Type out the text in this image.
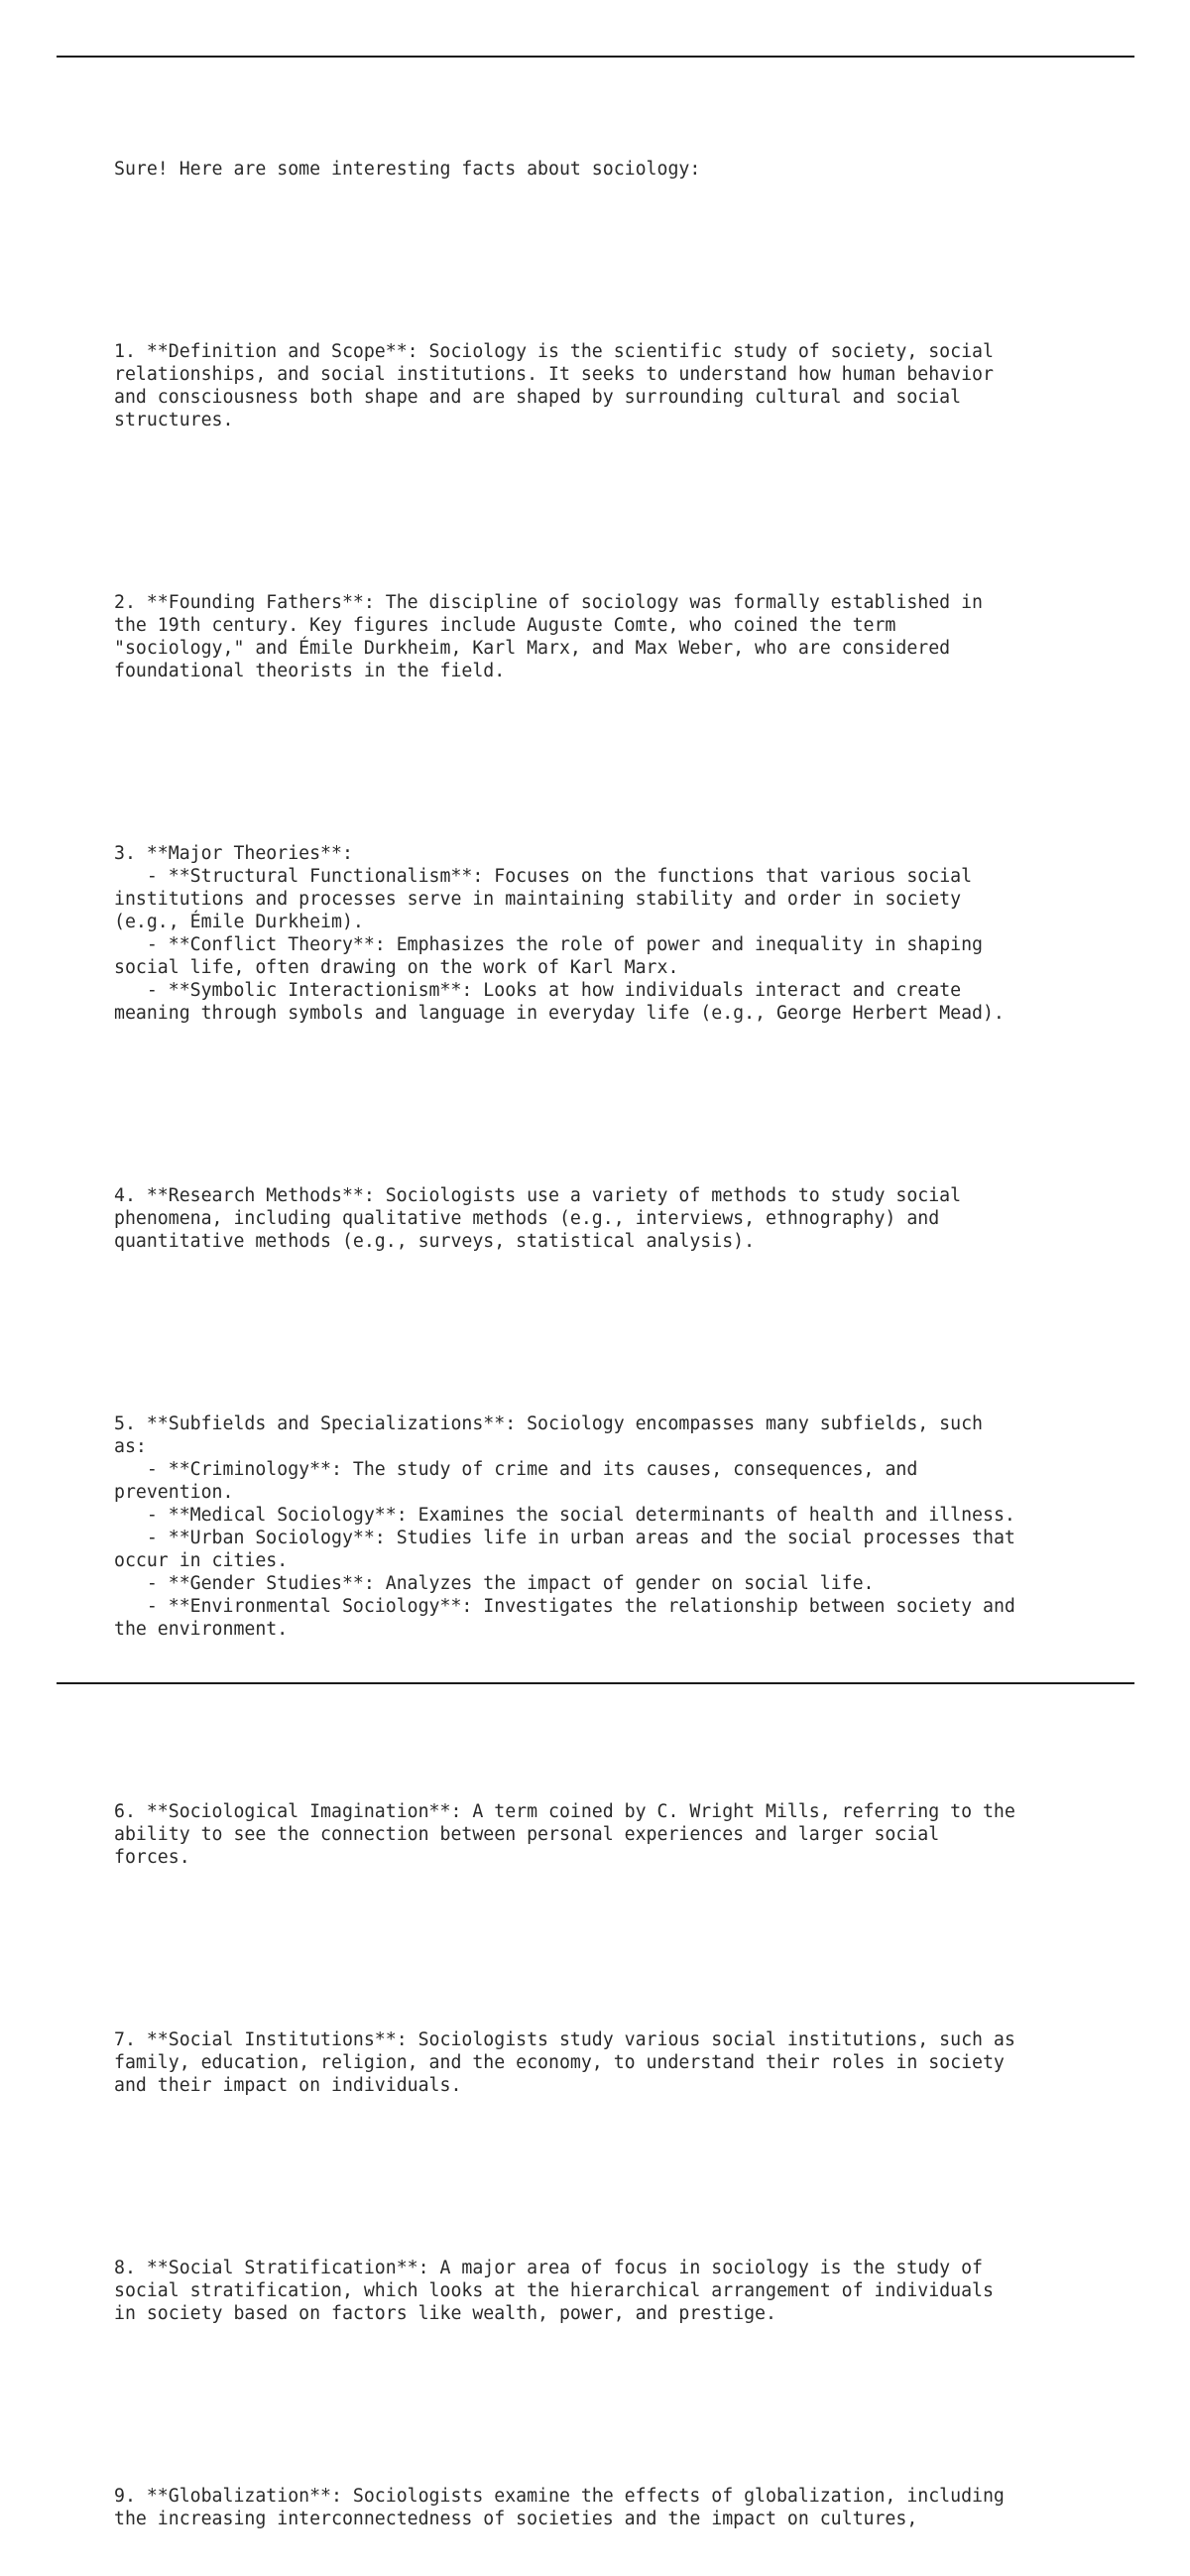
Sure! Here are some interesting facts about sociology:

1. **Definition and Scope**: Sociology is the scientific study of society, social
relationships, and social institutions. It seeks to understand how human behavior
and consciousness both shape and are shaped by surrounding cultural and social
structures.

2. **Founding Fathers**: The discipline of sociology was formally established in
the 19th century. Key figures include Auguste Comte, who coined the term
"sociology," and Émile Durkheim, Karl Marx, and Max Weber, who are considered
foundational theorists in the field.

3. **Major Theories**:
- **Structural Functionalism**: Focuses on the functions that various social
institutions and processes serve in maintaining stability and order in society
(e.g., Émile Durkheim).
- **Conflict Theory**: Emphasizes the role of power and inequality in shaping
social life, often drawing on the work of Karl Marx.
- **Symbolic Interactionism**: Looks at how individuals interact and create
meaning through symbols and language in everyday life (e.g., George Herbert Mead).

4. **Research Methods**: Sociologists use a variety of methods to study social
phenomena, including qualitative methods (e.g., interviews, ethnography) and
quantitative methods (e.g., surveys, statistical analysis).

5. **Subfields and Specializations**: Sociology encompasses many subfields, such
as:
- **Criminology**: The study of crime and its causes, consequences, and
prevention.
- **Medical Sociology**: Examines the social determinants of health and illness.
- **Urban Sociology**: Studies life in urban areas and the social processes that
occur in cities.
- **Gender Studies**: Analyzes the impact of gender on social life.
- **Environmental Sociology**: Investigates the relationship between society and
the environment.

6. **Sociological Imagination**: A term coined by C. Wright Mills, referring to the
ability to see the connection between personal experiences and larger social
forces.

7. **Social Institutions**: Sociologists study various social institutions, such as
family, education, religion, and the economy, to understand their roles in society
and their impact on individuals.

8. **Social Stratification**: A major area of focus in sociology is the study of
social stratification, which looks at the hierarchical arrangement of individuals
in society based on factors like wealth, power, and prestige.

9. **Globalization**: Sociologists examine the effects of globalization, including
the increasing interconnectedness of societies and the impact on cultures,
